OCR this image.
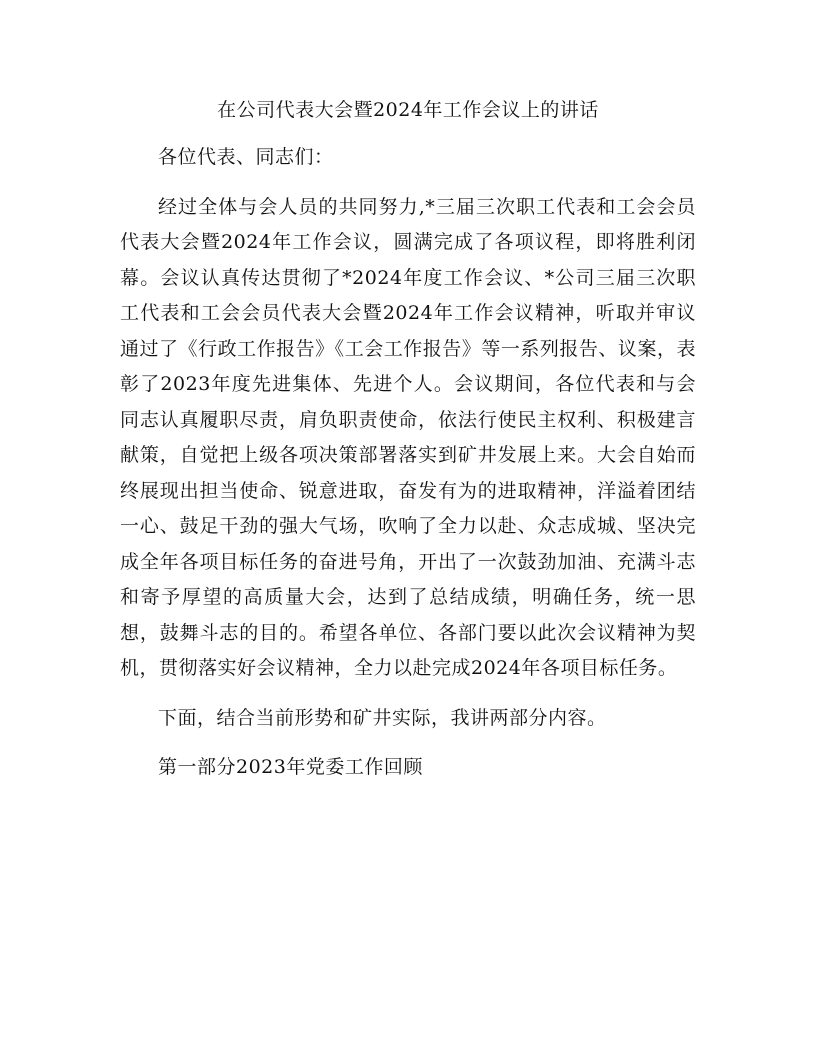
在公司代表大会暨2024年工作会议上的讲话

各位代表、同志们：

经过全体与会人员的共同努力,*三届三次职工代表和工会会员代表大会暨2024年工作会议，圆满完成了各项议程，即将胜利闭幕。会议认真传达贯彻了*2024年度工作会议、*公司三届三次职工代表和工会会员代表大会暨2024年工作会议精神，听取并审议通过了《行政工作报告》《工会工作报告》等一系列报告、议案，表彰了2023年度先进集体、先进个人。会议期间，各位代表和与会同志认真履职尽责，肩负职责使命，依法行使民主权利、积极建言献策，自觉把上级各项决策部署落实到矿井发展上来。大会自始而终展现出担当使命、锐意进取，奋发有为的进取精神，洋溢着团结一心、鼓足干劲的强大气场，吹响了全力以赴、众志成城、坚决完成全年各项目标任务的奋进号角，开出了一次鼓劲加油、充满斗志和寄予厚望的高质量大会，达到了总结成绩，明确任务，统一思想，鼓舞斗志的目的。希望各单位、各部门要以此次会议精神为契机，贯彻落实好会议精神，全力以赴完成2024年各项目标任务。

下面，结合当前形势和矿井实际，我讲两部分内容。

第一部分2023年党委工作回顾
